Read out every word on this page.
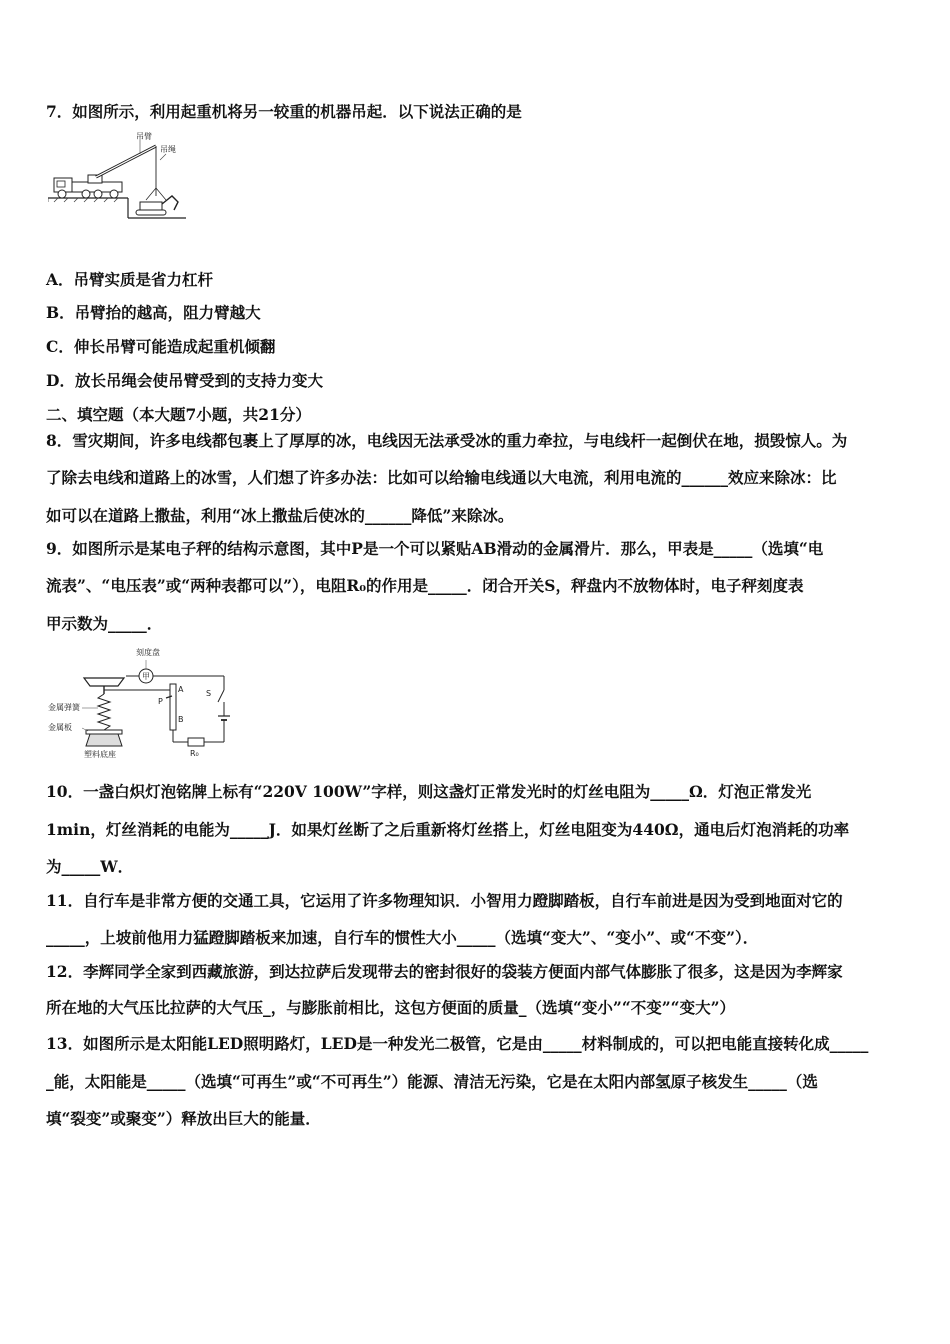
7．如图所示，利用起重机将另一较重的机器吊起．以下说法正确的是
吊臂
吊绳
A．吊臂实质是省力杠杆
B．吊臂抬的越高，阻力臂越大
C．伸长吊臂可能造成起重机倾翻
D．放长吊绳会使吊臂受到的支持力变大
二、填空题（本大题7小题，共21分）
8．雪灾期间，许多电线都包裹上了厚厚的冰，电线因无法承受冰的重力牵拉，与电线杆一起倒伏在地，损毁惊人。为
了除去电线和道路上的冰雪，人们想了许多办法：比如可以给输电线通以大电流，利用电流的______效应来除冰：比
如可以在道路上撒盐，利用“冰上撒盐后使冰的______降低”来除冰。
9．如图所示是某电子秤的结构示意图，其中P是一个可以紧贴AB滑动的金属滑片．那么，甲表是_____（选填“电
流表”、“电压表”或“两种表都可以”），电阻R₀的作用是_____．闭合开关S，秤盘内不放物体时，电子秤刻度表
甲示数为_____．
刻度盘
金属弹簧
金属板
塑料底座
甲
A
B
P
R₀
S
10．一盏白炽灯泡铭牌上标有“220V 100W”字样，则这盏灯正常发光时的灯丝电阻为_____Ω．灯泡正常发光
1min，灯丝消耗的电能为_____J．如果灯丝断了之后重新将灯丝搭上，灯丝电阻变为440Ω，通电后灯泡消耗的功率
为_____W．
11．自行车是非常方便的交通工具，它运用了许多物理知识．小智用力蹬脚踏板，自行车前进是因为受到地面对它的
_____，上坡前他用力猛蹬脚踏板来加速，自行车的惯性大小_____（选填“变大”、“变小”、或“不变”）．
12．李辉同学全家到西藏旅游，到达拉萨后发现带去的密封很好的袋装方便面内部气体膨胀了很多，这是因为李辉家
所在地的大气压比拉萨的大气压_，与膨胀前相比，这包方便面的质量_（选填“变小”“不变”“变大”）
13．如图所示是太阳能LED照明路灯，LED是一种发光二极管，它是由_____材料制成的，可以把电能直接转化成_____
_能，太阳能是_____（选填“可再生”或“不可再生”）能源、清洁无污染，它是在太阳内部氢原子核发生_____（选
填“裂变”或聚变”）释放出巨大的能量．
